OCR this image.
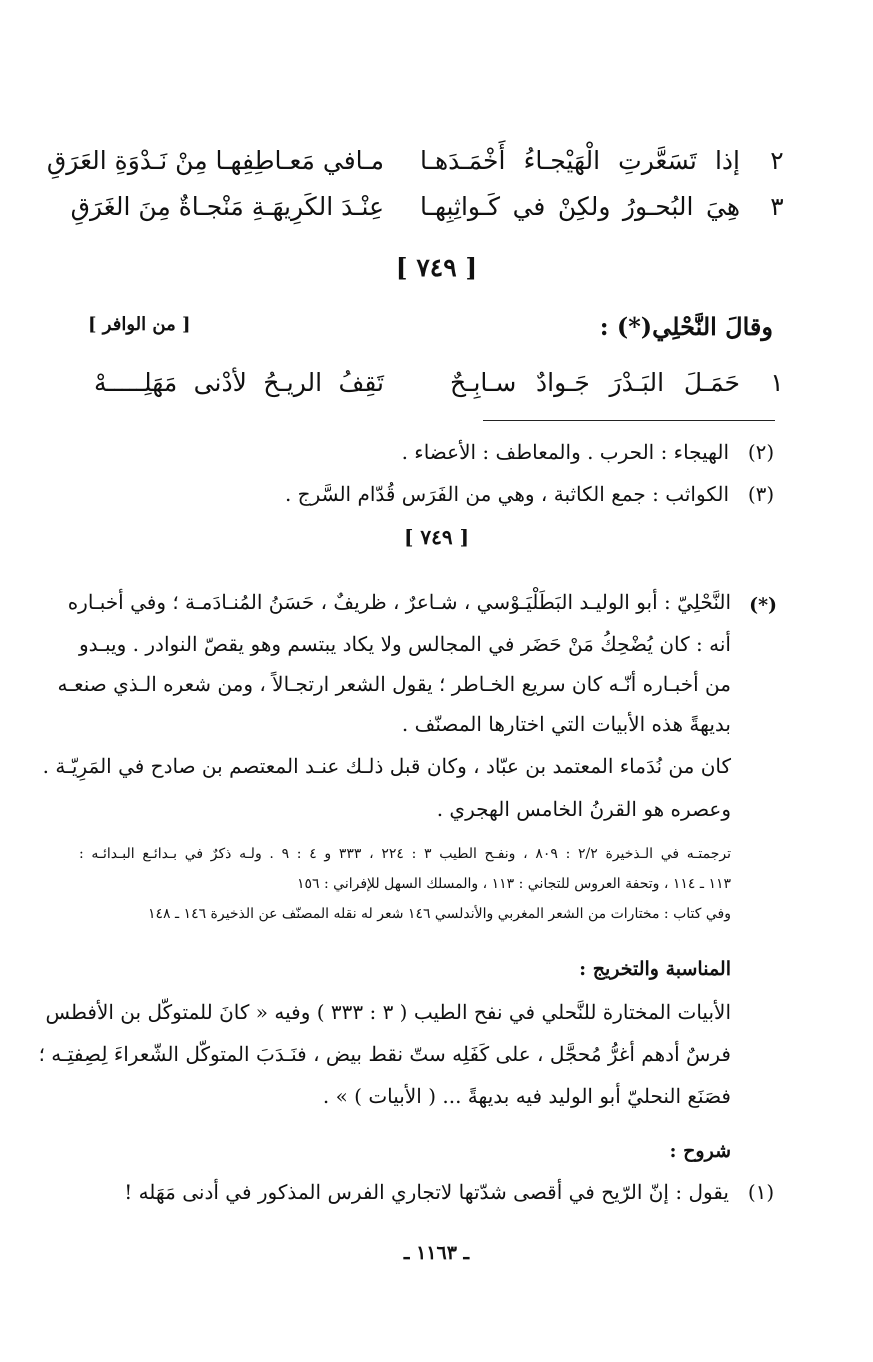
٢
إذا تَسَعَّرتِ الْهَيْجـاءُ أَخْمَـدَهـا
مـافي مَعـاطِفِهـا مِنْ نَـدْوَةِ العَرَقِ
٣
هِيَ البُحـورُ ولكِنْ في كَـواثِبِهـا
عِنْـدَ الكَرِيهَـةِ مَنْجـاةٌ مِنَ الغَرَقِ
[ ٧٤٩ ]
وقالَ النَّحْلِي(*) :
[ من الوافر ]
١
حَمَـلَ البَـدْرَ جَـوادٌ سـابِـحٌ
تَقِفُ الريـحُ لأدْنى مَهَلِـــــهْ
(٢)
الهيجاء : الحرب . والمعاطف : الأعضاء .
(٣)
الكواثب : جمع الكاثبة ، وهي من الفَرَس قُدّام السَّرج .
[ ٧٤٩ ]
(*)
النَّحْلِيّ : أبو الوليـد البَطَلْيَـوْسي ، شـاعرٌ ، ظريفٌ ، حَسَنُ المُنـادَمـة ؛ وفي أخبـاره
أنه : كان يُضْحِكُ مَنْ حَضَر في المجالس ولا يكاد يبتسم وهو يقصّ النوادر . ويبـدو
من أخبـاره أنّـه كان سريع الخـاطر ؛ يقول الشعر ارتجـالاً ، ومن شعره الـذي صنعـه
بديهةً هذه الأبيات التي اختارها المصنّف .
كان من نُدَماء المعتمد بن عبّاد ، وكان قبل ذلـك عنـد المعتصم بن صادح في المَرِيّـة .
وعصره هو القرنُ الخامس الهجري .
ترجمتـه في الـذخيرة ٢/٢ : ٨٠٩ ، ونفـح الطيب ٣ : ٢٢٤ ، ٣٣٣ و ٤ : ٩ . ولـه ذكرٌ في بـدائـع البـدائـه :
١١٣ ـ ١١٤ ، وتحفة العروس للتجاني : ١١٣ ، والمسلك السهل للإفراني : ١٥٦
وفي كتاب : مختارات من الشعر المغربي والأندلسي ١٤٦ شعر له نقله المصنّف عن الذخيرة ١٤٦ ـ ١٤٨
المناسبة والتخريج :
الأبيات المختارة للنَّحلي في نفح الطيب ( ٣ : ٣٣٣ ) وفيه « كانَ للمتوكّل بن الأفطس
فرسٌ أدهم أغرُّ مُحجَّل ، على كَفَلِه ستّ نقط بيض ، فنَـدَبَ المتوكّل الشّعراءَ لِصِفتِـه ؛
فصَنَع النحليّ أبو الوليد فيه بديهةً ... ( الأبيات ) » .
شروح :
(١)
يقول : إنّ الرّيح في أقصى شدّتها لاتجاري الفرس المذكور في أدنى مَهَله !
ـ ١١٦٣ ـ
